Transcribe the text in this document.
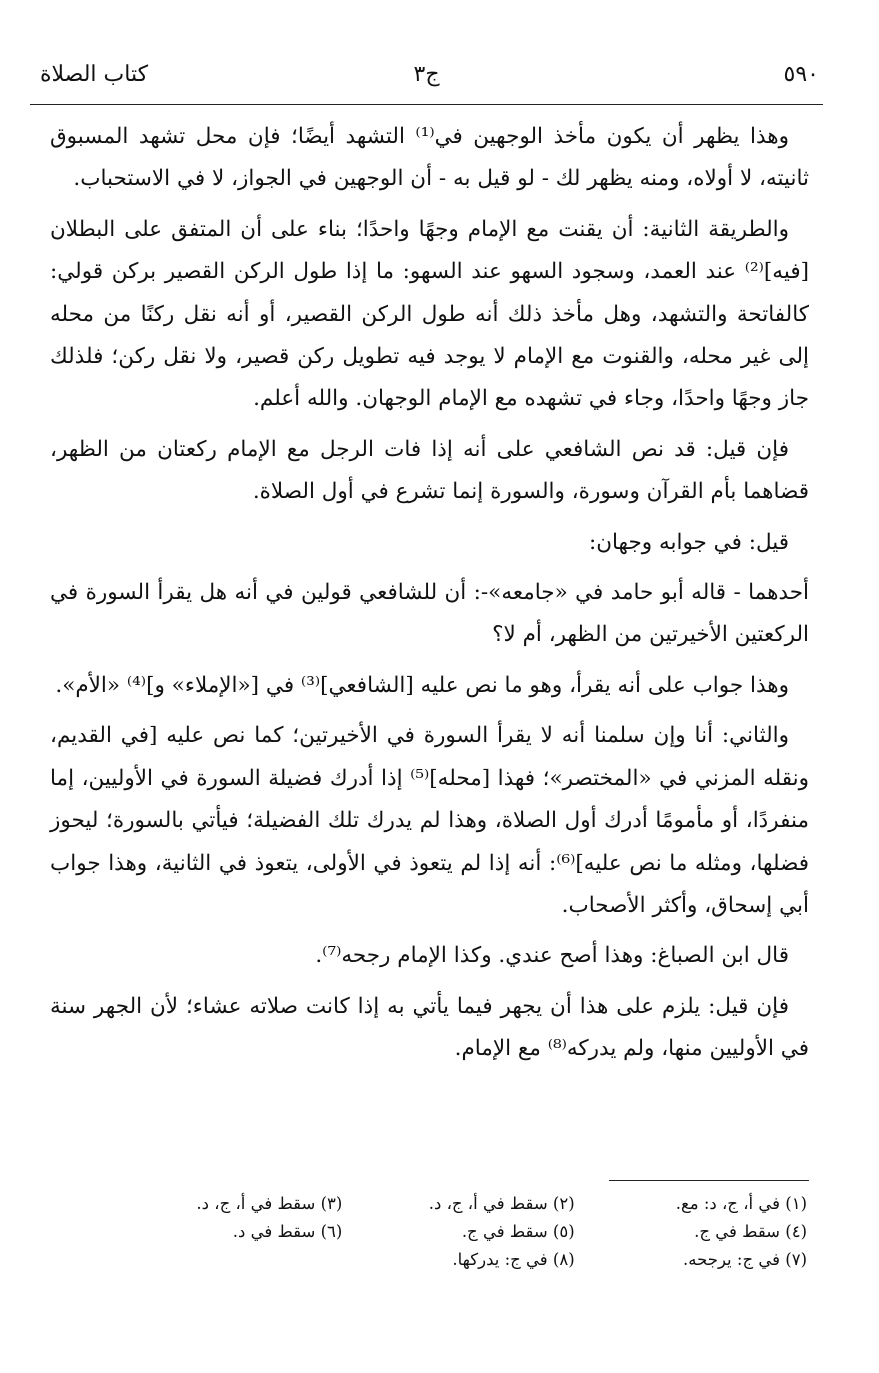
٥٩٠
ج٣
كتاب الصلاة

وهذا يظهر أن يكون مأخذ الوجهين في⁽¹⁾ التشهد أيضًا؛ فإن محل تشهد المسبوق ثانيته، لا أولاه، ومنه يظهر لك - لو قيل به - أن الوجهين في الجواز، لا في الاستحباب.

والطريقة الثانية: أن يقنت مع الإمام وجهًا واحدًا؛ بناء على أن المتفق على البطلان [فيه]⁽²⁾ عند العمد، وسجود السهو عند السهو: ما إذا طول الركن القصير بركن قولي: كالفاتحة والتشهد، وهل مأخذ ذلك أنه طول الركن القصير، أو أنه نقل ركنًا من محله إلى غير محله، والقنوت مع الإمام لا يوجد فيه تطويل ركن قصير، ولا نقل ركن؛ فلذلك جاز وجهًا واحدًا، وجاء في تشهده مع الإمام الوجهان. والله أعلم.

فإن قيل: قد نص الشافعي على أنه إذا فات الرجل مع الإمام ركعتان من الظهر، قضاهما بأم القرآن وسورة، والسورة إنما تشرع في أول الصلاة.

قيل: في جوابه وجهان:

أحدهما - قاله أبو حامد في «جامعه»-: أن للشافعي قولين في أنه هل يقرأ السورة في الركعتين الأخيرتين من الظهر، أم لا؟

وهذا جواب على أنه يقرأ، وهو ما نص عليه [الشافعي]⁽³⁾ في [«الإملاء» و]⁽⁴⁾ «الأم».

والثاني: أنا وإن سلمنا أنه لا يقرأ السورة في الأخيرتين؛ كما نص عليه [في القديم، ونقله المزني في «المختصر»؛ فهذا [محله]⁽⁵⁾ إذا أدرك فضيلة السورة في الأوليين، إما منفردًا، أو مأمومًا أدرك أول الصلاة، وهذا لم يدرك تلك الفضيلة؛ فيأتي بالسورة؛ ليحوز فضلها، ومثله ما نص عليه]⁽⁶⁾: أنه إذا لم يتعوذ في الأولى، يتعوذ في الثانية، وهذا جواب أبي إسحاق، وأكثر الأصحاب.

قال ابن الصباغ: وهذا أصح عندي. وكذا الإمام رجحه⁽⁷⁾.

فإن قيل: يلزم على هذا أن يجهر فيما يأتي به إذا كانت صلاته عشاء؛ لأن الجهر سنة في الأوليين منها، ولم يدركه⁽⁸⁾ مع الإمام.

(١) في أ، ج، د: مع.
(٢) سقط في أ، ج، د.
(٣) سقط في أ، ج، د.
(٤) سقط في ج.
(٥) سقط في ج.
(٦) سقط في د.
(٧) في ج: يرجحه.
(٨) في ج: يدركها.
